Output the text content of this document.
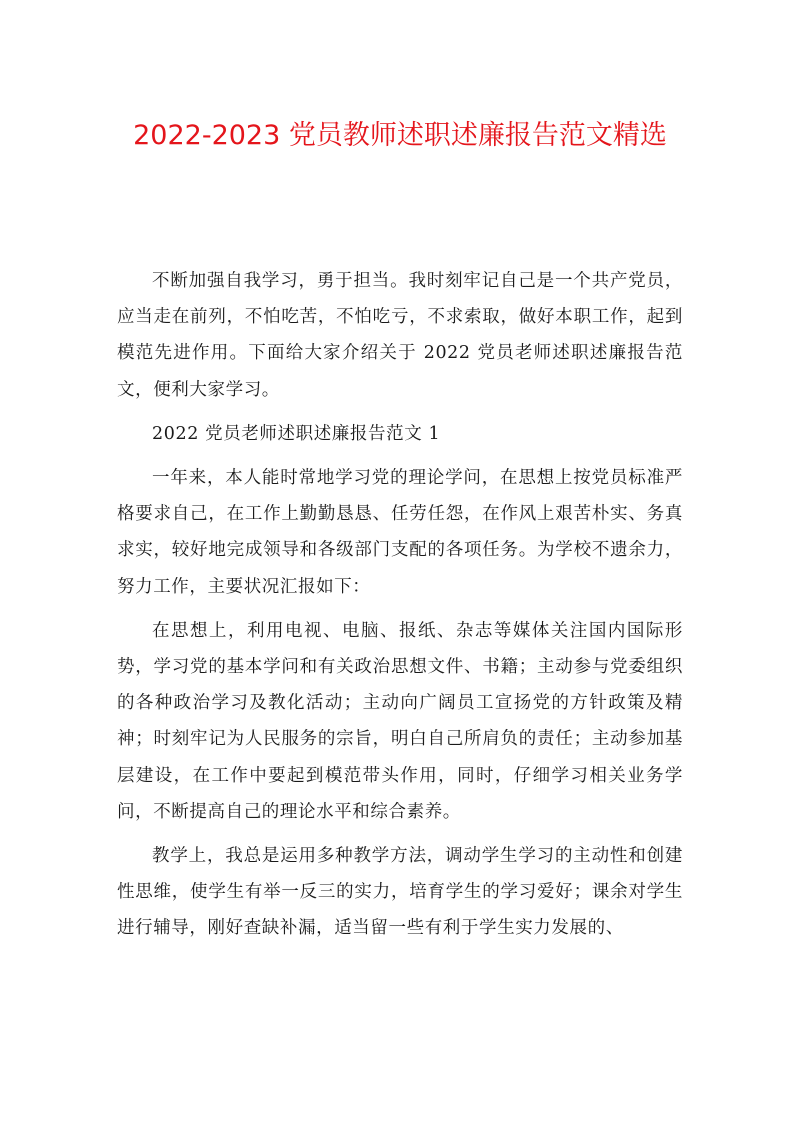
2022-2023 党员教师述职述廉报告范文精选

不断加强自我学习，勇于担当。我时刻牢记自己是一个共产党员，应当走在前列，不怕吃苦，不怕吃亏，不求索取，做好本职工作，起到模范先进作用。下面给大家介绍关于 2022 党员老师述职述廉报告范文，便利大家学习。

2022 党员老师述职述廉报告范文 1

一年来，本人能时常地学习党的理论学问，在思想上按党员标准严格要求自己，在工作上勤勤恳恳、任劳任怨，在作风上艰苦朴实、务真求实，较好地完成领导和各级部门支配的各项任务。为学校不遗余力，努力工作，主要状况汇报如下：

在思想上，利用电视、电脑、报纸、杂志等媒体关注国内国际形势，学习党的基本学问和有关政治思想文件、书籍；主动参与党委组织的各种政治学习及教化活动；主动向广阔员工宣扬党的方针政策及精神；时刻牢记为人民服务的宗旨，明白自己所肩负的责任；主动参加基层建设，在工作中要起到模范带头作用，同时，仔细学习相关业务学问，不断提高自己的理论水平和综合素养。

教学上，我总是运用多种教学方法，调动学生学习的主动性和创建性思维，使学生有举一反三的实力，培育学生的学习爱好；课余对学生进行辅导，刚好查缺补漏，适当留一些有利于学生实力发展的、
